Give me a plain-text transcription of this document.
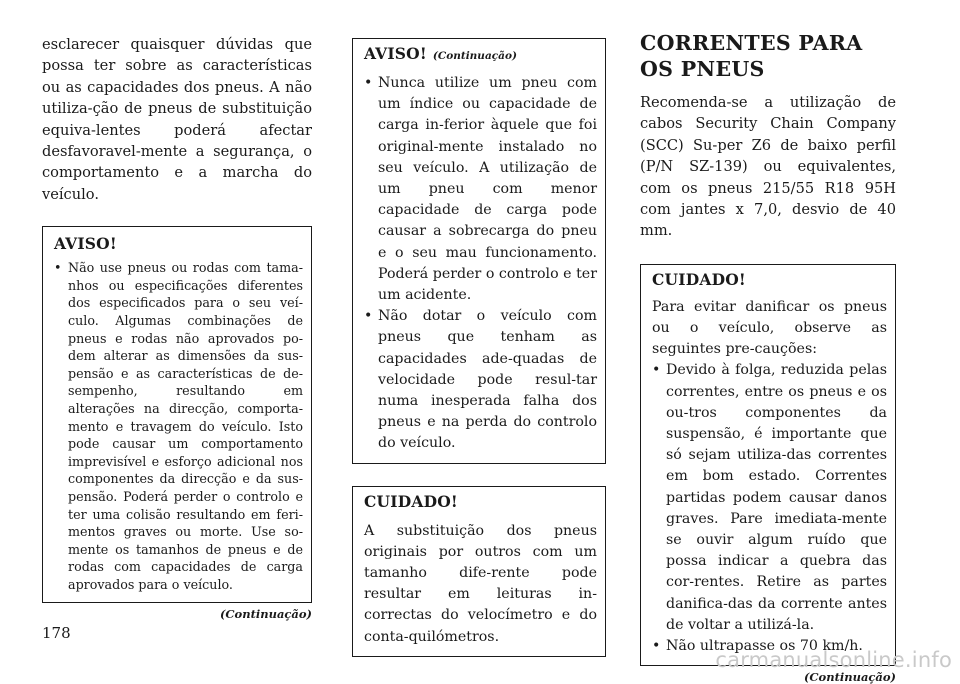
esclarecer quaisquer dúvidas que possa ter sobre as características ou as capacidades dos pneus. A não utiliza-ção de pneus de substituição equiva-lentes poderá afectar desfavoravel-mente a segurança, o comportamento e a marcha do veículo.

AVISO!
• Não use pneus ou rodas com tama-nhos ou especificações diferentes dos especificados para o seu veí-culo. Algumas combinações de pneus e rodas não aprovados po-dem alterar as dimensões da sus-pensão e as características de de-sempenho, resultando em alterações na direcção, comporta-mento e travagem do veículo. Isto pode causar um comportamento imprevisível e esforço adicional nos componentes da direcção e da sus-pensão. Poderá perder o controlo e ter uma colisão resultando em feri-mentos graves ou morte. Use so-mente os tamanhos de pneus e de rodas com capacidades de carga aprovados para o veículo.
(Continuação)
AVISO! (Continuação)
• Nunca utilize um pneu com um índice ou capacidade de carga in-ferior àquele que foi original-mente instalado no seu veículo. A utilização de um pneu com menor capacidade de carga pode causar a sobrecarga do pneu e o seu mau funcionamento. Poderá perder o controlo e ter um acidente.
• Não dotar o veículo com pneus que tenham as capacidades ade-quadas de velocidade pode resul-tar numa inesperada falha dos pneus e na perda do controlo do veículo.
CUIDADO!

A substituição dos pneus originais por outros com um tamanho dife-rente pode resultar em leituras in-correctas do velocímetro e do conta-quilómetros.

CORRENTES PARA OS PNEUS

Recomenda-se a utilização de cabos Security Chain Company (SCC) Su-per Z6 de baixo perfil (P/N SZ-139) ou equivalentes, com os pneus 215/55 R18 95H com jantes x 7,0, desvio de 40 mm.

CUIDADO!

Para evitar danificar os pneus ou o veículo, observe as seguintes pre-cauções:

• Devido à folga, reduzida pelas correntes, entre os pneus e os ou-tros componentes da suspensão, é importante que só sejam utiliza-das correntes em bom estado. Correntes partidas podem causar danos graves. Pare imediata-mente se ouvir algum ruído que possa indicar a quebra das cor-rentes. Retire as partes danifica-das da corrente antes de voltar a utilizá-la.
• Não ultrapasse os 70 km/h.
(Continuação)
178
carmanualsonline.info
